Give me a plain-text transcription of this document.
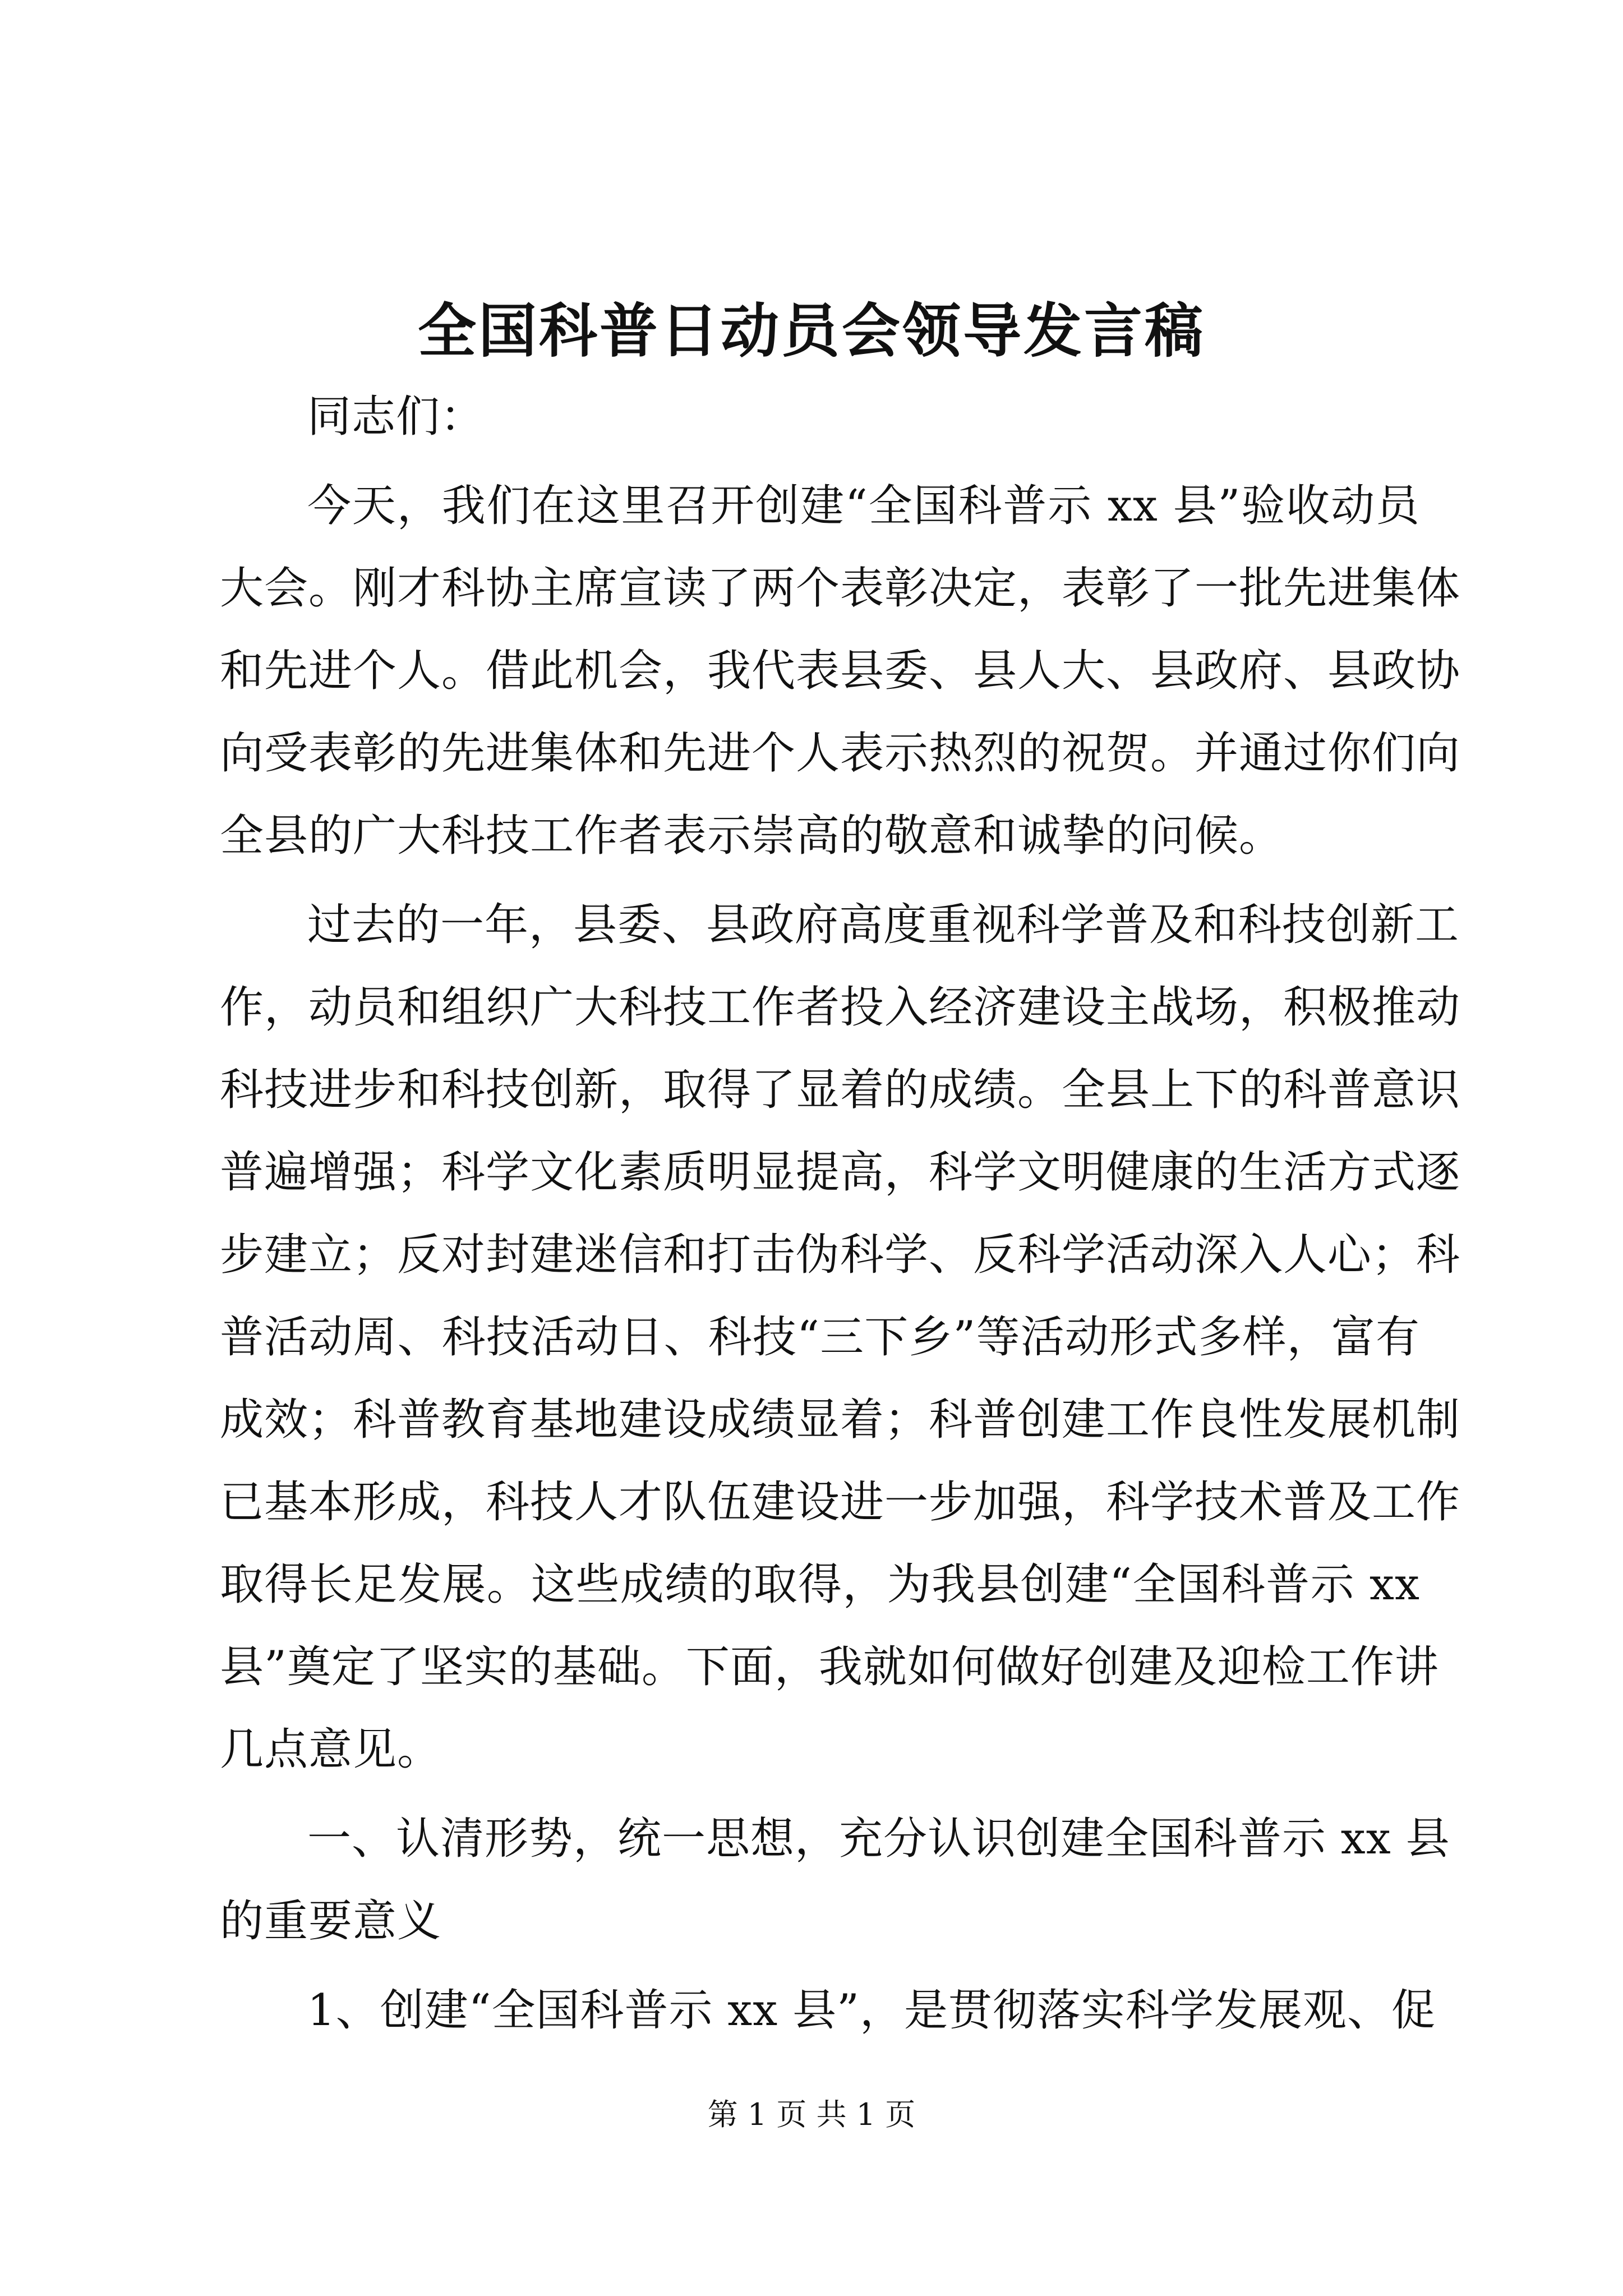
全国科普日动员会领导发言稿
同志们：
今天，我们在这里召开创建“全国科普示 xx 县”验收动员
大会。刚才科协主席宣读了两个表彰决定，表彰了一批先进集体
和先进个人。借此机会，我代表县委、县人大、县政府、县政协
向受表彰的先进集体和先进个人表示热烈的祝贺。并通过你们向
全县的广大科技工作者表示崇高的敬意和诚挚的问候。
过去的一年，县委、县政府高度重视科学普及和科技创新工
作，动员和组织广大科技工作者投入经济建设主战场，积极推动
科技进步和科技创新，取得了显着的成绩。全县上下的科普意识
普遍增强；科学文化素质明显提高，科学文明健康的生活方式逐
步建立；反对封建迷信和打击伪科学、反科学活动深入人心；科
普活动周、科技活动日、科技“三下乡”等活动形式多样，富有
成效；科普教育基地建设成绩显着；科普创建工作良性发展机制
已基本形成，科技人才队伍建设进一步加强，科学技术普及工作
取得长足发展。这些成绩的取得，为我县创建“全国科普示 xx
县”奠定了坚实的基础。下面，我就如何做好创建及迎检工作讲
几点意见。
一、认清形势，统一思想，充分认识创建全国科普示 xx 县
的重要意义
1、创建“全国科普示 xx 县”，是贯彻落实科学发展观、促
第 1 页 共 1 页
